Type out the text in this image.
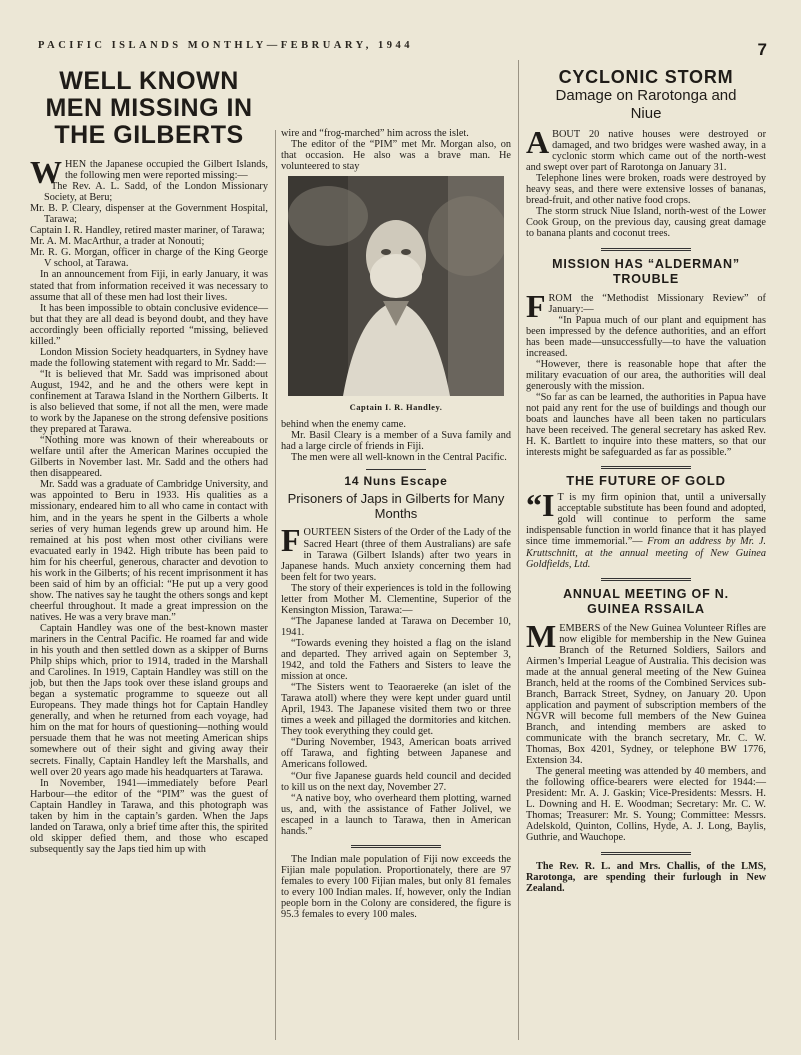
PACIFIC ISLANDS MONTHLY—FEBRUARY, 1944	7
WELL KNOWN MEN MISSING IN THE GILBERTS

WHEN the Japanese occupied the Gilbert Islands, the following men were reported missing:—

The Rev. A. L. Sadd, of the London Missionary Society, at Beru;
Mr. B. P. Cleary, dispenser at the Government Hospital, Tarawa;
Captain I. R. Handley, retired master mariner, of Tarawa;
Mr. A. M. MacArthur, a trader at Nonouti;
Mr. R. G. Morgan, officer in charge of the King George V school, at Tarawa.

In an announcement from Fiji, in early January, it was stated that from information received it was necessary to assume that all of these men had lost their lives.

It has been impossible to obtain conclusive evidence—but that they are all dead is beyond doubt, and they have accordingly been officially reported “missing, believed killed.”

London Mission Society headquarters, in Sydney have made the following statement with regard to Mr. Sadd:—

“It is believed that Mr. Sadd was imprisoned about August, 1942, and he and the others were kept in confinement at Tarawa Island in the Northern Gilberts. It is also believed that some, if not all the men, were made to work by the Japanese on the strong defensive positions they prepared at Tarawa.

“Nothing more was known of their whereabouts or welfare until after the American Marines occupied the Gilberts in November last. Mr. Sadd and the others had then disappeared.

Mr. Sadd was a graduate of Cambridge University, and was appointed to Beru in 1933. His qualities as a missionary, endeared him to all who came in contact with him, and in the years he spent in the Gilberts a whole series of very human legends grew up around him. He remained at his post when most other civilians were evacuated early in 1942. High tribute has been paid to him for his cheerful, generous, character and devotion to his work in the Gilberts; of his recent imprisonment it has been said of him by an official: “He put up a very good show. The natives say he taught the others songs and kept cheerful throughout. It made a great impression on the natives. He was a very brave man.”

Captain Handley was one of the best-known master mariners in the Central Pacific. He roamed far and wide in his youth and then settled down as a skipper of Burns Philp ships which, prior to 1914, traded in the Marshall and Carolines. In 1919, Captain Handley was still on the job, but then the Japs took over these island groups and began a systematic programme to squeeze out all Europeans. They made things hot for Captain Handley generally, and when he returned from each voyage, had him on the mat for hours of questioning—nothing would persuade them that he was not meeting American ships somewhere out of their sight and giving away their secrets. Finally, Captain Handley left the Marshalls, and well over 20 years ago made his headquarters at Tarawa.

In November, 1941—immediately before Pearl Harbour—the editor of the “PIM” was the guest of Captain Handley in Tarawa, and this photograph was taken by him in the captain’s garden. When the Japs landed on Tarawa, only a brief time after this, the spirited old skipper defied them, and those who escaped subsequently say the Japs tied him up with

wire and “frog-marched” him across the islet.

The editor of the “PIM” met Mr. Morgan also, on that occasion. He also was a brave man. He volunteered to stay

Captain I. R. Handley.

behind when the enemy came.

Mr. Basil Cleary is a member of a Suva family and had a large circle of friends in Fiji.

The men were all well-known in the Central Pacific.

14 Nuns Escape
Prisoners of Japs in Gilberts for Many Months

FOURTEEN Sisters of the Order of the Lady of the Sacred Heart (three of them Australians) are safe in Tarawa (Gilbert Islands) after two years in Japanese hands. Much anxiety concerning them had been felt for two years.

The story of their experiences is told in the following letter from Mother M. Clementine, Superior of the Kensington Mission, Tarawa:—

“The Japanese landed at Tarawa on December 10, 1941.

“Towards evening they hoisted a flag on the island and departed. They arrived again on September 3, 1942, and told the Fathers and Sisters to leave the mission at once.

“The Sisters went to Teaoraereke (an islet of the Tarawa atoll) where they were kept under guard until April, 1943. The Japanese visited them two or three times a week and pillaged the dormitories and kitchen. They took everything they could get.

“During November, 1943, American boats arrived off Tarawa, and fighting between Japanese and Americans followed.

“Our five Japanese guards held council and decided to kill us on the next day, November 27.

“A native boy, who overheard them plotting, warned us, and, with the assistance of Father Jolivel, we escaped in a launch to Tarawa, then in American hands.”

The Indian male population of Fiji now exceeds the Fijian male population. Proportionately, there are 97 females to every 100 Fijian males, but only 81 females to every 100 Indian males. If, however, only the Indian people born in the Colony are considered, the figure is 95.3 females to every 100 males.

CYCLONIC STORM
Damage on Rarotonga and Niue

ABOUT 20 native houses were destroyed or damaged, and two bridges were washed away, in a cyclonic storm which came out of the north-west and swept over part of Rarotonga on January 31.

Telephone lines were broken, roads were destroyed by heavy seas, and there were extensive losses of bananas, bread-fruit, and other native food crops.

The storm struck Niue Island, north-west of the Lower Cook Group, on the previous day, causing great damage to banana plants and coconut trees.

MISSION HAS “ALDERMAN” TROUBLE

FROM the “Methodist Missionary Review” of January:—

“In Papua much of our plant and equipment has been impressed by the defence authorities, and an effort has been made—unsuccessfully—to have the valuation increased.

“However, there is reasonable hope that after the military evacuation of our area, the authorities will deal generously with the mission.

“So far as can be learned, the authorities in Papua have not paid any rent for the use of buildings and though our boats and launches have all been taken no particulars have been received. The general secretary has asked Rev. H. K. Bartlett to inquire into these matters, so that our interests might be safeguarded as far as possible.”

THE FUTURE OF GOLD

“I T is my firm opinion that, until a universally acceptable substitute has been found and adopted, gold will continue to perform the same indispensable function in world finance that it has played since time immemorial.”— From an address by Mr. J. Kruttschnitt, at the annual meeting of New Guinea Goldfields, Ltd.

ANNUAL MEETING OF N. GUINEA RSSAILA

MEMBERS of the New Guinea Volunteer Rifles are now eligible for membership in the New Guinea Branch of the Returned Soldiers, Sailors and Airmen’s Imperial League of Australia. This decision was made at the annual general meeting of the New Guinea Branch, held at the rooms of the Combined Services sub-Branch, Barrack Street, Sydney, on January 20. Upon application and payment of subscription members of the NGVR will become full members of the New Guinea Branch, and intending members are asked to communicate with the branch secretary, Mr. C. W. Thomas, Box 4201, Sydney, or telephone BW 1776, Extension 34.

The general meeting was attended by 40 members, and the following office-bearers were elected for 1944:—President: Mr. A. J. Gaskin; Vice-Presidents: Messrs. H. L. Downing and H. E. Woodman; Secretary: Mr. C. W. Thomas; Treasurer: Mr. S. Young; Committee: Messrs. Adelskold, Quinton, Collins, Hyde, A. J. Long, Baylis, Guthrie, and Wauchope.

The Rev. R. L. and Mrs. Challis, of the LMS, Rarotonga, are spending their furlough in New Zealand.
